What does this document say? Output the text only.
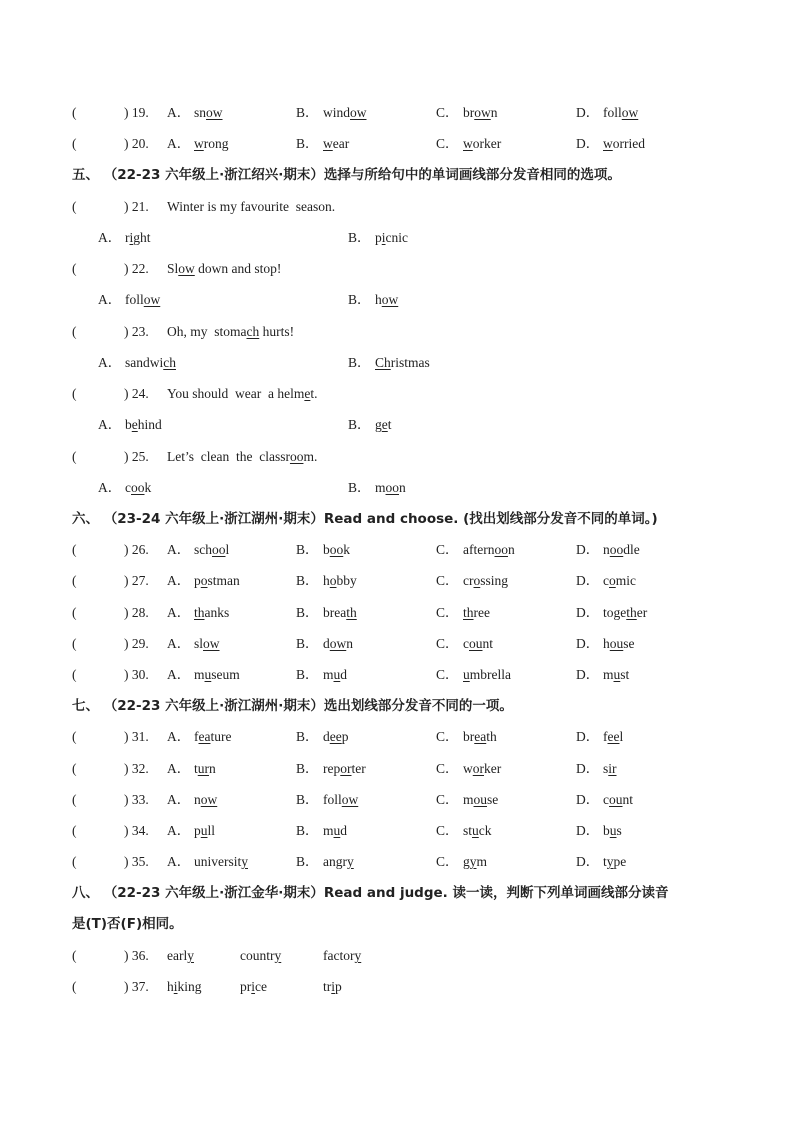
(	) 19. A． snow	B． window	C． brown	D． follow
(	) 20. A． wrong	B． wear	C． worker	D． worried
五、 （22-23 六年级上·浙江绍兴·期末）选择与所给句中的单词画线部分发音相同的选项。
(	) 21. Winter is my favourite  season.
A． right	B． picnic
(	) 22. Slow down and stop!
A． follow	B． how
(	) 23. Oh, my  stomach hurts!
A． sandwich	B． Christmas
(	) 24. You should  wear  a helmet.
A． behind	B． get
(	) 25. Let’s  clean  the  classroom.
A． cook	B． moon
六、 （23-24 六年级上·浙江湖州·期末）Read and choose. (找出划线部分发音不同的单词。)
(	) 26. A． school	B． book	C． afternoon	D． noodle
(	) 27. A． postman	B． hobby	C． crossing	D． comic
(	) 28. A． thanks	B． breath	C． three	D． together
(	) 29. A． slow	B． down	C． count	D． house
(	) 30. A． museum	B． mud	C． umbrella	D． must
七、 （22-23 六年级上·浙江湖州·期末）选出划线部分发音不同的一项。
(	) 31. A． feature	B． deep	C． breath	D． feel
(	) 32. A． turn	B． reporter	C． worker	D． sir
(	) 33. A． now	B． follow	C． mouse	D． count
(	) 34. A． pull	B． mud	C． stuck	D． bus
(	) 35. A． university	B． angry	C． gym	D． type
八、 （22-23 六年级上·浙江金华·期末）Read and judge. 读一读，判断下列单词画线部分读音
是(T)否(F)相同。
(	) 36. early	country	factory
(	) 37. hiking	price	trip
